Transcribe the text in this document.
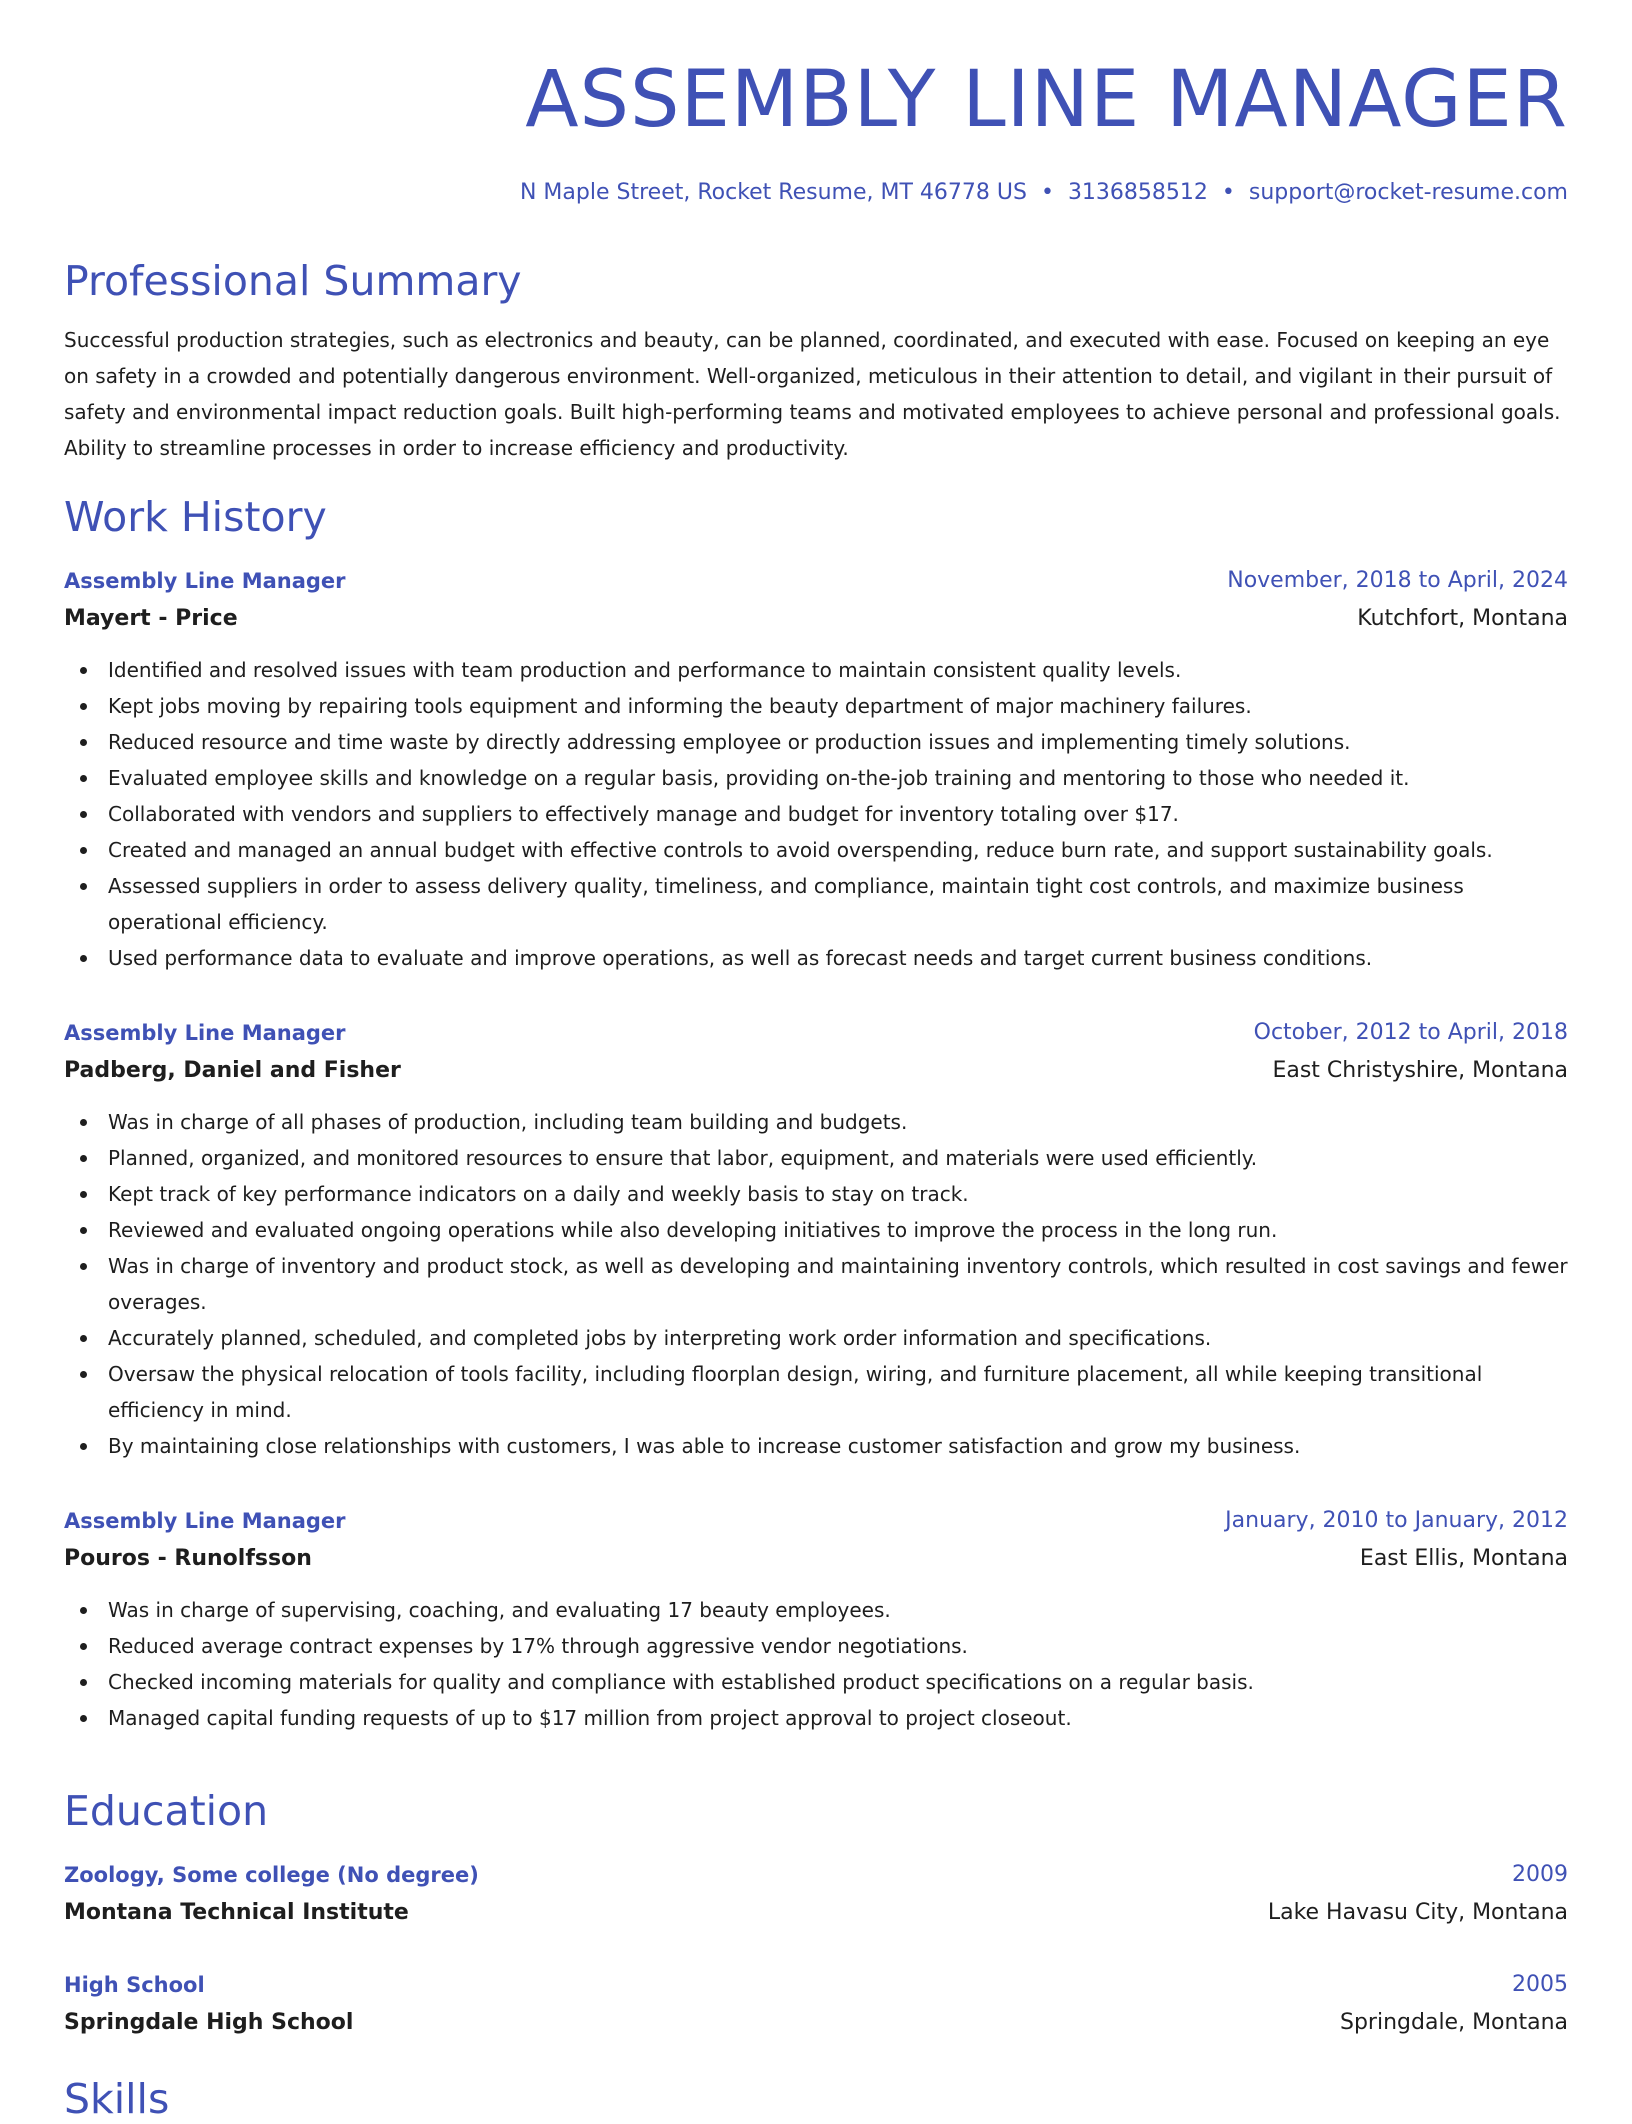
ASSEMBLY LINE MANAGER
N Maple Street, Rocket Resume, MT 46778 US • 3136858512 • support@rocket-resume.com
Professional Summary

Successful production strategies, such as electronics and beauty, can be planned, coordinated, and executed with ease. Focused on keeping an eye on safety in a crowded and potentially dangerous environment. Well-organized, meticulous in their attention to detail, and vigilant in their pursuit of safety and environmental impact reduction goals. Built high-performing teams and motivated employees to achieve personal and professional goals. Ability to streamline processes in order to increase efficiency and productivity.

Work History
Assembly Line Manager	November, 2018 to April, 2024
Mayert - Price	Kutchfort, Montana
Identified and resolved issues with team production and performance to maintain consistent quality levels.
Kept jobs moving by repairing tools equipment and informing the beauty department of major machinery failures.
Reduced resource and time waste by directly addressing employee or production issues and implementing timely solutions.
Evaluated employee skills and knowledge on a regular basis, providing on-the-job training and mentoring to those who needed it.
Collaborated with vendors and suppliers to effectively manage and budget for inventory totaling over $17.
Created and managed an annual budget with effective controls to avoid overspending, reduce burn rate, and support sustainability goals.
Assessed suppliers in order to assess delivery quality, timeliness, and compliance, maintain tight cost controls, and maximize business operational efficiency.
Used performance data to evaluate and improve operations, as well as forecast needs and target current business conditions.
Assembly Line Manager	October, 2012 to April, 2018
Padberg, Daniel and Fisher	East Christyshire, Montana
Was in charge of all phases of production, including team building and budgets.
Planned, organized, and monitored resources to ensure that labor, equipment, and materials were used efficiently.
Kept track of key performance indicators on a daily and weekly basis to stay on track.
Reviewed and evaluated ongoing operations while also developing initiatives to improve the process in the long run.
Was in charge of inventory and product stock, as well as developing and maintaining inventory controls, which resulted in cost savings and fewer overages.
Accurately planned, scheduled, and completed jobs by interpreting work order information and specifications.
Oversaw the physical relocation of tools facility, including floorplan design, wiring, and furniture placement, all while keeping transitional efficiency in mind.
By maintaining close relationships with customers, I was able to increase customer satisfaction and grow my business.
Assembly Line Manager	January, 2010 to January, 2012
Pouros - Runolfsson	East Ellis, Montana
Was in charge of supervising, coaching, and evaluating 17 beauty employees.
Reduced average contract expenses by 17% through aggressive vendor negotiations.
Checked incoming materials for quality and compliance with established product specifications on a regular basis.
Managed capital funding requests of up to $17 million from project approval to project closeout.
Education
Zoology, Some college (No degree)	2009
Montana Technical Institute	Lake Havasu City, Montana
High School	2005
Springdale High School	Springdale, Montana
Skills
